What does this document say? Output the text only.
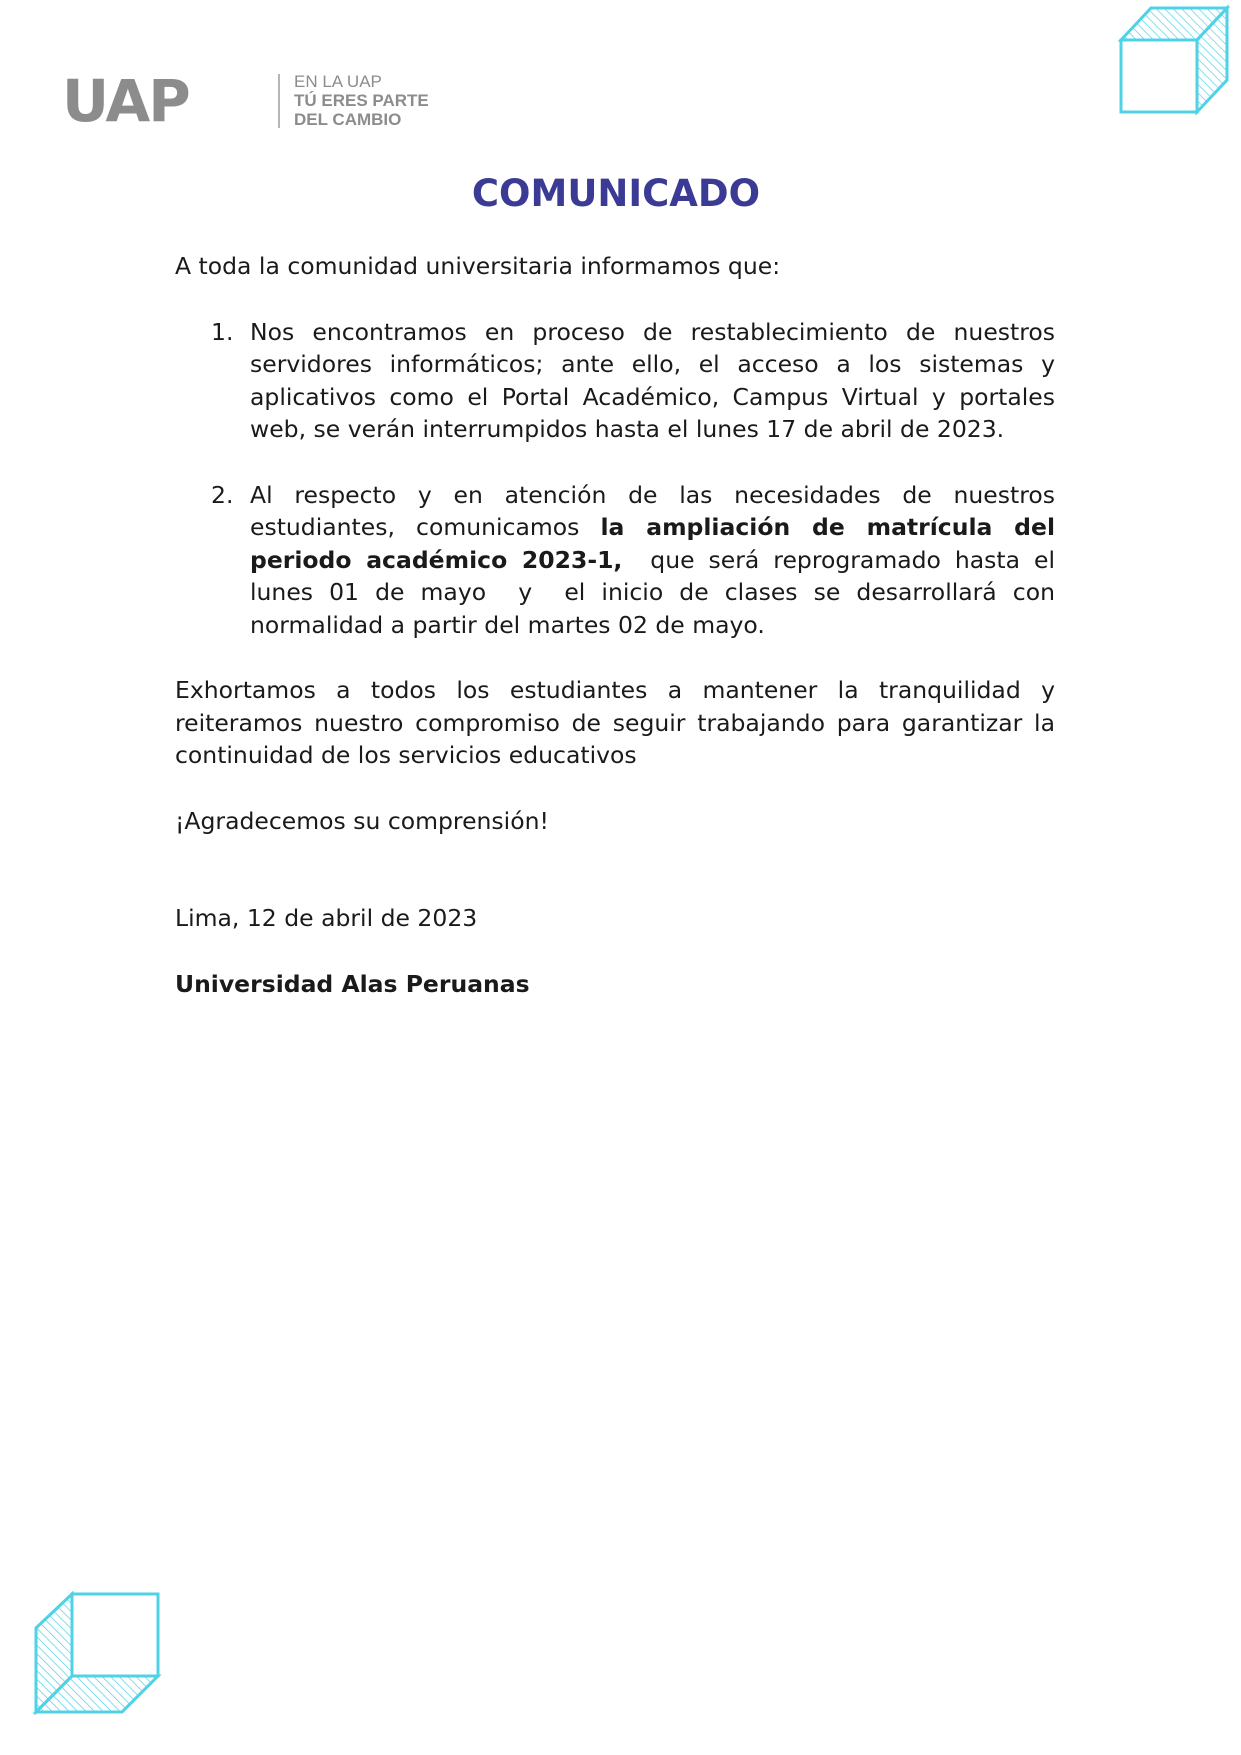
UAP	EN LA UAP
TÚ ERES PARTE
DEL CAMBIO
COMUNICADO

A toda la comunidad universitaria informamos que:

1. Nos encontramos en proceso de restablecimiento de nuestros servidores informáticos; ante ello, el acceso a los sistemas y aplicativos como el Portal Académico, Campus Virtual y portales web, se verán interrumpidos hasta el lunes 17 de abril de 2023.
2. Al respecto y en atención de las necesidades de nuestros estudiantes, comunicamos la ampliación de matrícula del periodo académico 2023-1,  que será reprogramado hasta el lunes 01 de mayo  y  el inicio de clases se desarrollará con normalidad a partir del martes 02 de mayo.

Exhortamos a todos los estudiantes a mantener la tranquilidad y reiteramos nuestro compromiso de seguir trabajando para garantizar la continuidad de los servicios educativos

¡Agradecemos su comprensión!

Lima, 12 de abril de 2023

Universidad Alas Peruanas
